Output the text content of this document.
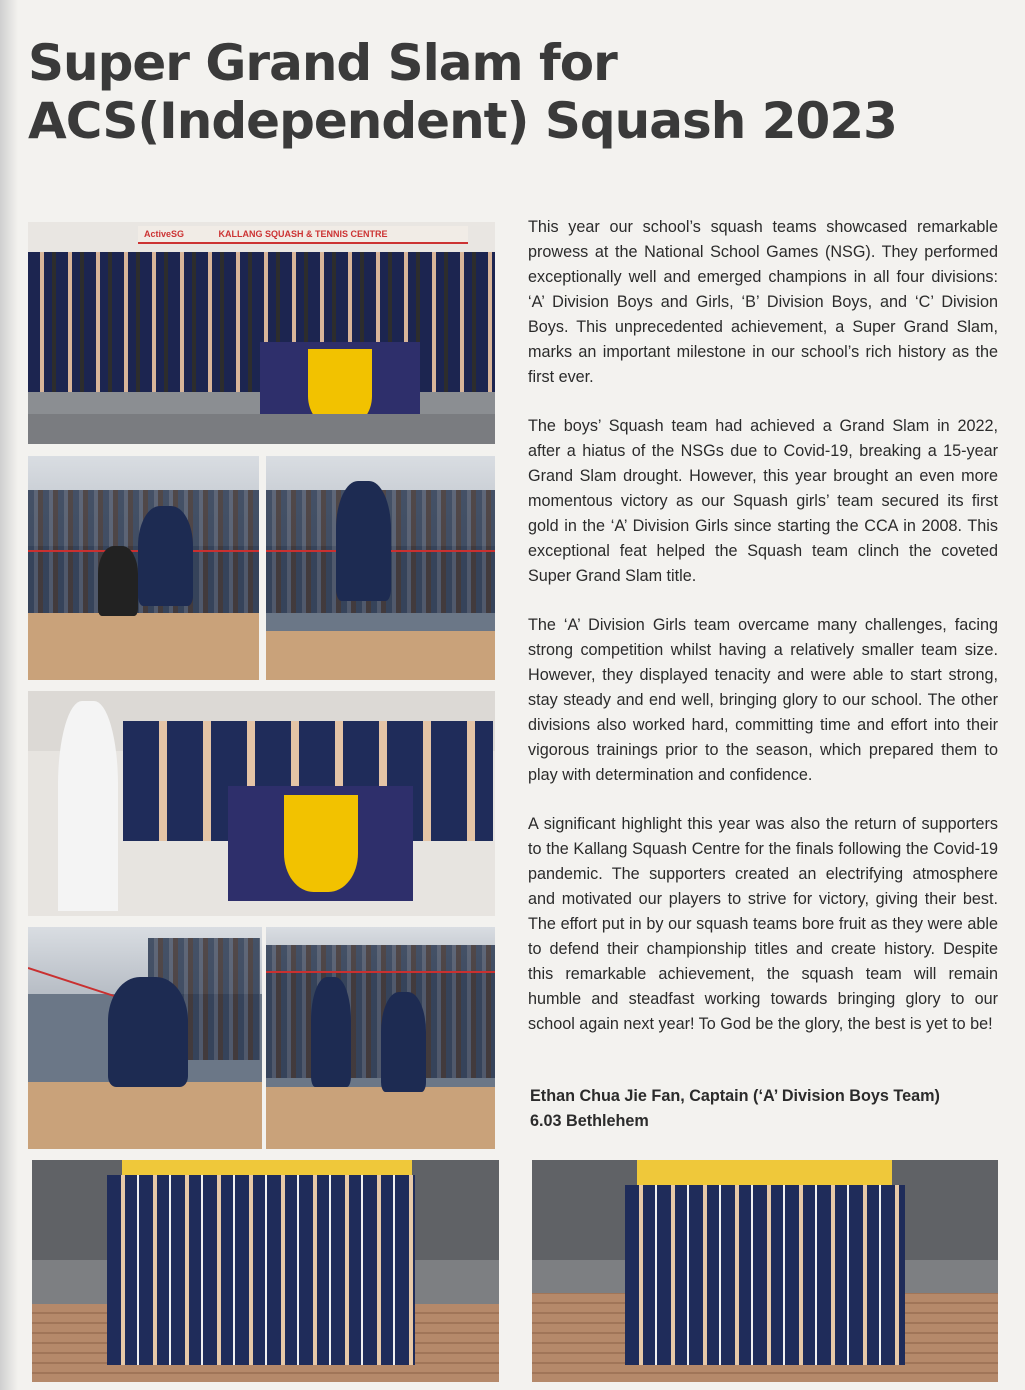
Super Grand Slam for
ACS(Independent) Squash 2023
ActiveSG	KALLANG SQUASH & TENNIS CENTRE	This year our school’s squash teams showcased remarkable prowess at the National School Games (NSG). They performed exceptionally well and emerged champions in all four divisions: ‘A’ Division Boys and Girls, ‘B’ Division Boys, and ‘C’ Division Boys. This unprecedented achievement, a Super Grand Slam, marks an important milestone in our school’s rich history as the first ever.

The boys’ Squash team had achieved a Grand Slam in 2022, after a hiatus of the NSGs due to Covid-19, breaking a 15-year Grand Slam drought. However, this year brought an even more momentous victory as our Squash girls’ team secured its first gold in the ‘A’ Division Girls since starting the CCA in 2008. This exceptional feat helped the Squash team clinch the coveted Super Grand Slam title.

The ‘A’ Division Girls team overcame many challenges, facing strong competition whilst having a relatively smaller team size. However, they displayed tenacity and were able to start strong, stay steady and end well, bringing glory to our school. The other divisions also worked hard, committing time and effort into their vigorous trainings prior to the season, which prepared them to play with determination and confidence.

A significant highlight this year was also the return of supporters to the Kallang Squash Centre for the finals following the Covid-19 pandemic. The supporters created an electrifying atmosphere and motivated our players to strive for victory, giving their best. The effort put in by our squash teams bore fruit as they were able to defend their championship titles and create history. Despite this remarkable achievement, the squash team will remain humble and steadfast working towards bringing glory to our school again next year! To God be the glory, the best is yet to be!

Ethan Chua Jie Fan, Captain (‘A’ Division Boys Team)
6.03 Bethlehem
